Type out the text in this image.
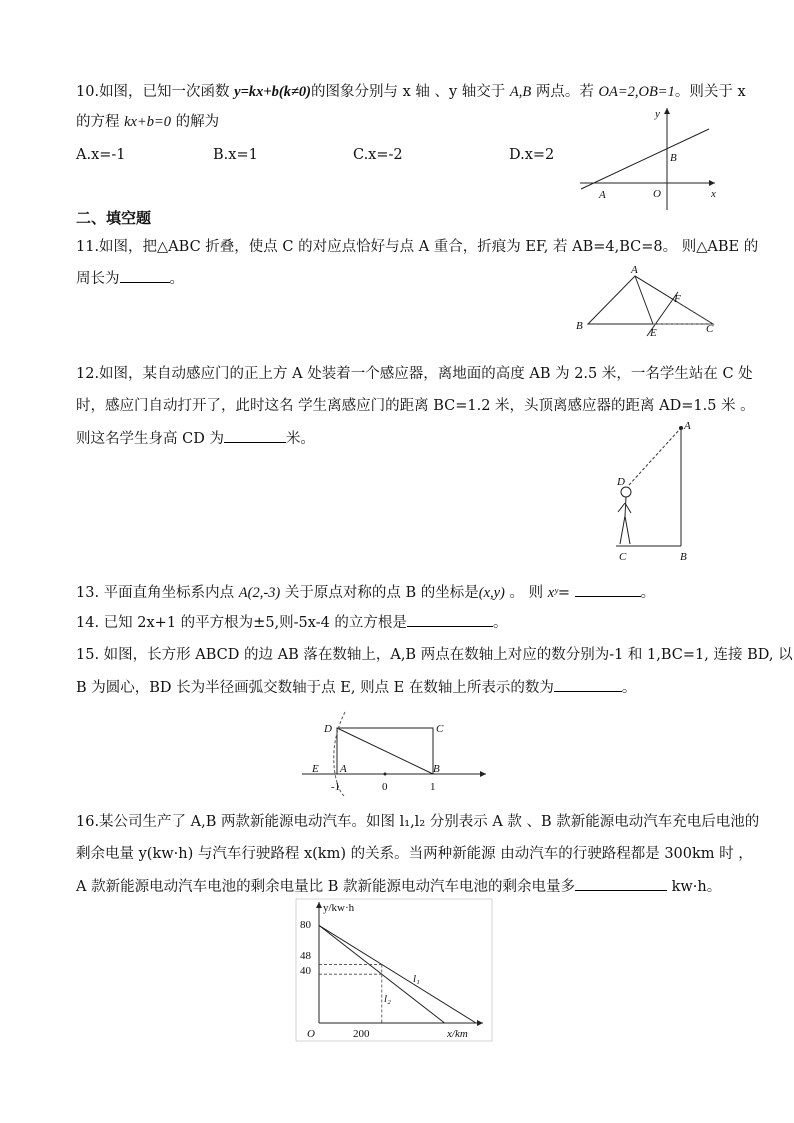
10.如图，已知一次函数 y=kx+b(k≠0)的图象分别与 x 轴 、y 轴交于 A,B 两点。若 OA=2,OB=1。则关于 x
的方程 kx+b=0 的解为
A.x=-1	B.x=1	C.x=-2	D.x=2
y
x
A	O
B
二、填空题
11.如图，把△ABC 折叠，使点 C 的对应点恰好与点 A 重合，折痕为 EF, 若 AB=4,BC=8。 则△ABE 的
周长为	。
A
B	C
E
F
12.如图，某自动感应门的正上方 A 处装着一个感应器，离地面的高度 AB 为 2.5 米，一名学生站在 C 处
时，感应门自动打开了，此时这名 学生离感应门的距离 BC=1.2 米，头顶离感应器的距离 AD=1.5 米 。
则这名学生身高 CD 为	米。
A
D
C	B
13. 平面直角坐标系内点 A(2,-3) 关于原点对称的点 B 的坐标是(x,y) 。 则 xʸ=	。
14. 已知 2x+1 的平方根为±5,则-5x-4 的立方根是	。
15. 如图，长方形 ABCD 的边 AB 落在数轴上，A,B 两点在数轴上对应的数分别为-1 和 1,BC=1, 连接 BD, 以
B 为圆心，BD 长为半径画弧交数轴于点 E, 则点 E 在数轴上所表示的数为	。
D	C
E A	B
-1	0	1
16.某公司生产了 A,B 两款新能源电动汽车。如图 l₁,l₂ 分别表示 A 款 、B 款新能源电动汽车充电后电池的
剩余电量 y(kw·h) 与汽车行驶路程 x(km) 的关系。当两种新能源 由动汽车的行驶路程都是 300km 时 ，
A 款新能源电动汽车电池的剩余电量比 B 款新能源电动汽车电池的剩余电量多	kw·h。
y/kw·h
x/km
O
80
48
40
200
l₁
l₂
